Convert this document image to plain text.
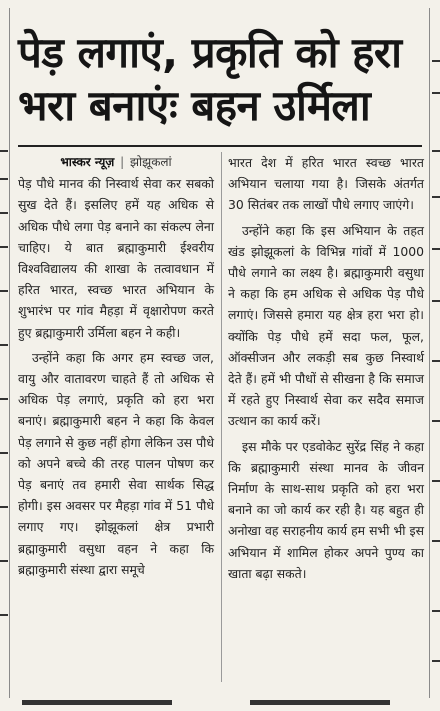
पेड़ लगाएं, प्रकृति को हरा
भरा बनाएंः बहन उर्मिला
भास्कर न्यूज़ | झोझूकलां

पेड़ पौधे मानव की निस्वार्थ सेवा कर सबको सुख देते हैं। इसलिए हमें यह अधिक से अधिक पौधे लगा पेड़ बनाने का संकल्प लेना चाहिए। ये बात ब्रह्माकुमारी ईश्वरीय विश्वविद्यालय की शाखा के तत्वावधान में हरित भारत, स्वच्छ भारत अभियान के शुभारंभ पर गांव मैहड़ा में वृक्षारोपण करते हुए ब्रह्माकुमारी उर्मिला बहन ने कही।

उन्होंने कहा कि अगर हम स्वच्छ जल, वायु और वातावरण चाहते हैं तो अधिक से अधिक पेड़ लगाएं, प्रकृति को हरा भरा बनाएं। ब्रह्माकुमारी बहन ने कहा कि केवल पेड़ लगाने से कुछ नहीं होगा लेकिन उस पौधे को अपने बच्चे की तरह पालन पोषण कर पेड़ बनाएं तव हमारी सेवा सार्थक सिद्ध होगी। इस अवसर पर मैहड़ा गांव में 51 पौधे लगाए गए। झोझूकलां क्षेत्र प्रभारी ब्रह्माकुमारी वसुधा वहन ने कहा कि ब्रह्माकुमारी संस्था द्वारा समूचे

भारत देश में हरित भारत स्वच्छ भारत अभियान चलाया गया है। जिसके अंतर्गत 30 सितंबर तक लाखों पौधे लगाए जाएंगे।

उन्होंने कहा कि इस अभियान के तहत खंड झोझूकलां के विभिन्न गांवों में 1000 पौधे लगाने का लक्ष्य है। ब्रह्माकुमारी वसुधा ने कहा कि हम अधिक से अधिक पेड़ पौधे लगाएं। जिससे हमारा यह क्षेत्र हरा भरा हो। क्योंकि पेड़ पौधे हमें सदा फल, फूल, ऑक्सीजन और लकड़ी सब कुछ निस्वार्थ देते हैं। हमें भी पौधों से सीखना है कि समाज में रहते हुए निस्वार्थ सेवा कर सदैव समाज उत्थान का कार्य करें।

इस मौके पर एडवोकेट सुरेंद्र सिंह ने कहा कि ब्रह्माकुमारी संस्था मानव के जीवन निर्माण के साथ-साथ प्रकृति को हरा भरा बनाने का जो कार्य कर रही है। यह बहुत ही अनोखा वह सराहनीय कार्य हम सभी भी इस अभियान में शामिल होकर अपने पुण्य का खाता बढ़ा सकते।
